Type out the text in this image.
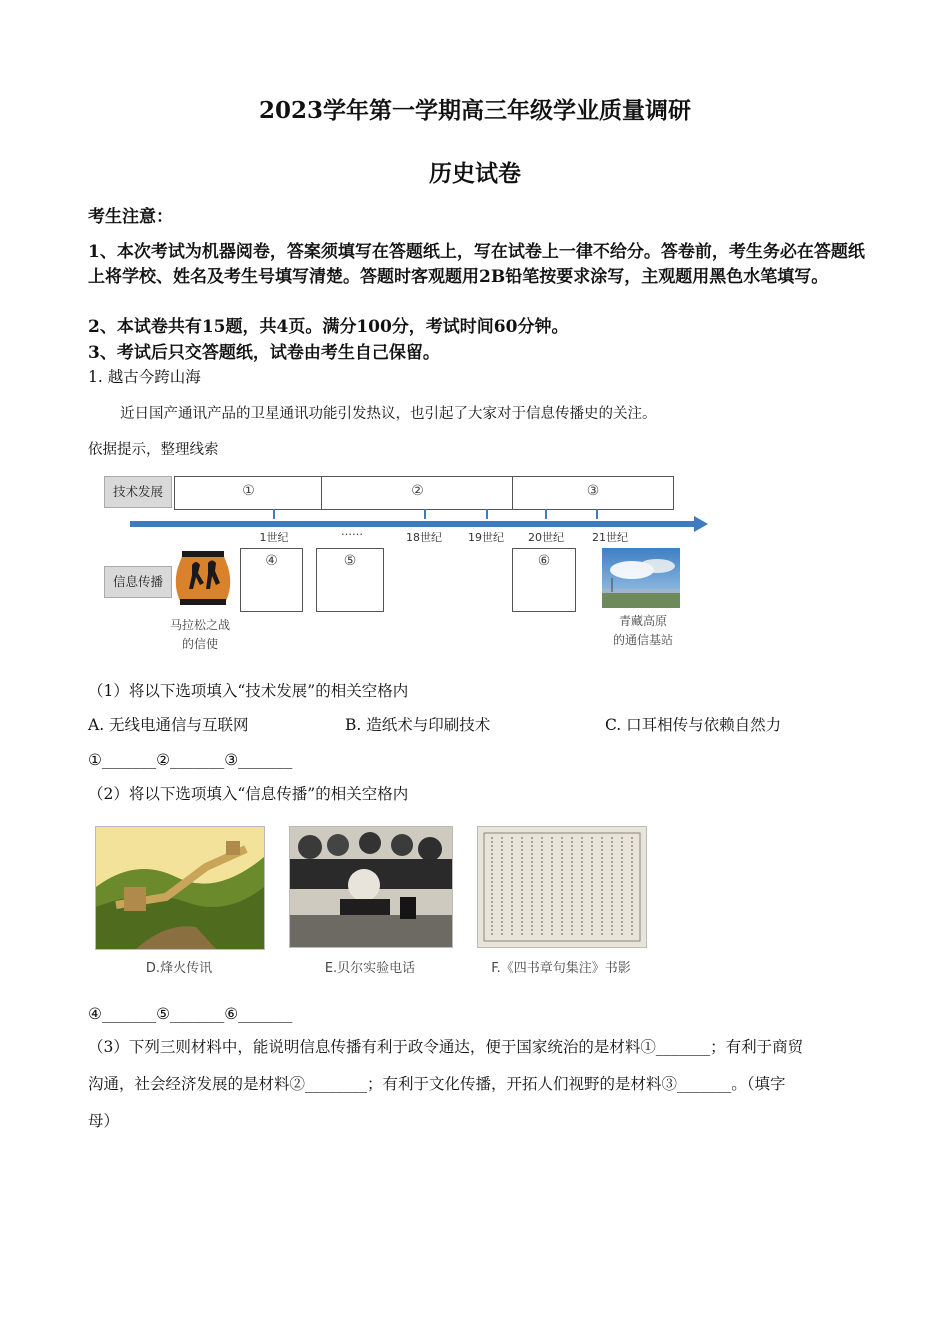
2023学年第一学期高三年级学业质量调研
历史试卷
考生注意：
1、本次考试为机器阅卷，答案须填写在答题纸上，写在试卷上一律不给分。答卷前，考生务必在答题纸上将学校、姓名及考生号填写清楚。答题时客观题用2B铅笔按要求涂写，主观题用黑色水笔填写。
2、本试卷共有15题，共4页。满分100分，考试时间60分钟。
3、考试后只交答题纸，试卷由考生自己保留。
1. 越古今跨山海
近日国产通讯产品的卫星通讯功能引发热议，也引起了大家对于信息传播史的关注。
依据提示，整理线索
技术发展	①	②	③
1世纪	……	18世纪	19世纪	20世纪	21世纪
信息传播
马拉松之战
的信使
④	⑤	⑥
青藏高原
的通信基站
（1）将以下选项填入“技术发展”的相关空格内
A. 无线电通信与互联网	B. 造纸术与印刷技术	C. 口耳相传与依赖自然力
①_______②_______③_______
（2）将以下选项填入“信息传播”的相关空格内
D.烽火传讯	E.贝尔实验电话	F.《四书章句集注》书影
④_______⑤_______⑥_______
（3）下列三则材料中，能说明信息传播有利于政令通达，便于国家统治的是材料①_______；有利于商贸
沟通，社会经济发展的是材料②________；有利于文化传播，开拓人们视野的是材料③_______。（填字
母）
